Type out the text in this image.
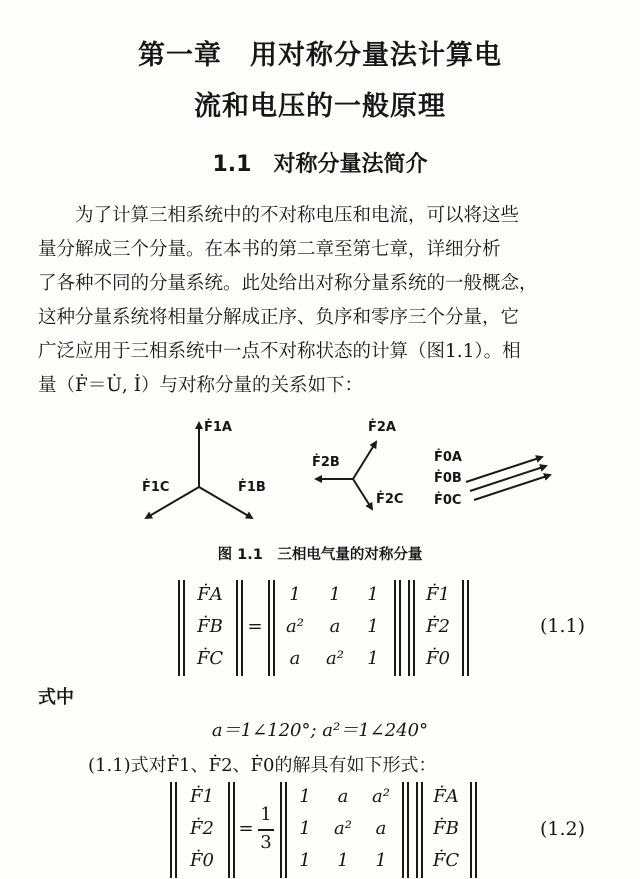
第一章　用对称分量法计算电
流和电压的一般原理
1.1　对称分量法简介

　　为了计算三相系统中的不对称电压和电流，可以将这些

量分解成三个分量。在本书的第二章至第七章，详细分析

了各种不同的分量系统。此处给出对称分量系统的一般概念，

这种分量系统将相量分解成正序、负序和零序三个分量，它

广泛应用于三相系统中一点不对称状态的计算（图1.1）。相

量（Ḟ＝U̇, İ）与对称分量的关系如下：

Ḟ1A
Ḟ1C	Ḟ1B
Ḟ2A
Ḟ2B
Ḟ2C
Ḟ0A
Ḟ0B
Ḟ0C
图 1.1　三相电气量的对称分量
ḞA
ḞB
ḞC
=
1	1	1
a²	a	1
a	a²	1
Ḟ1
Ḟ2
Ḟ0
(1.1)
式中
a＝1∠120°; a²＝1∠240°
(1.1)式对Ḟ1、Ḟ2、Ḟ0的解具有如下形式：
Ḟ1
Ḟ2
Ḟ0
=
1
3
1	a	a²
1	a²	a
1	1	1
ḞA
ḞB
ḞC
(1.2)
